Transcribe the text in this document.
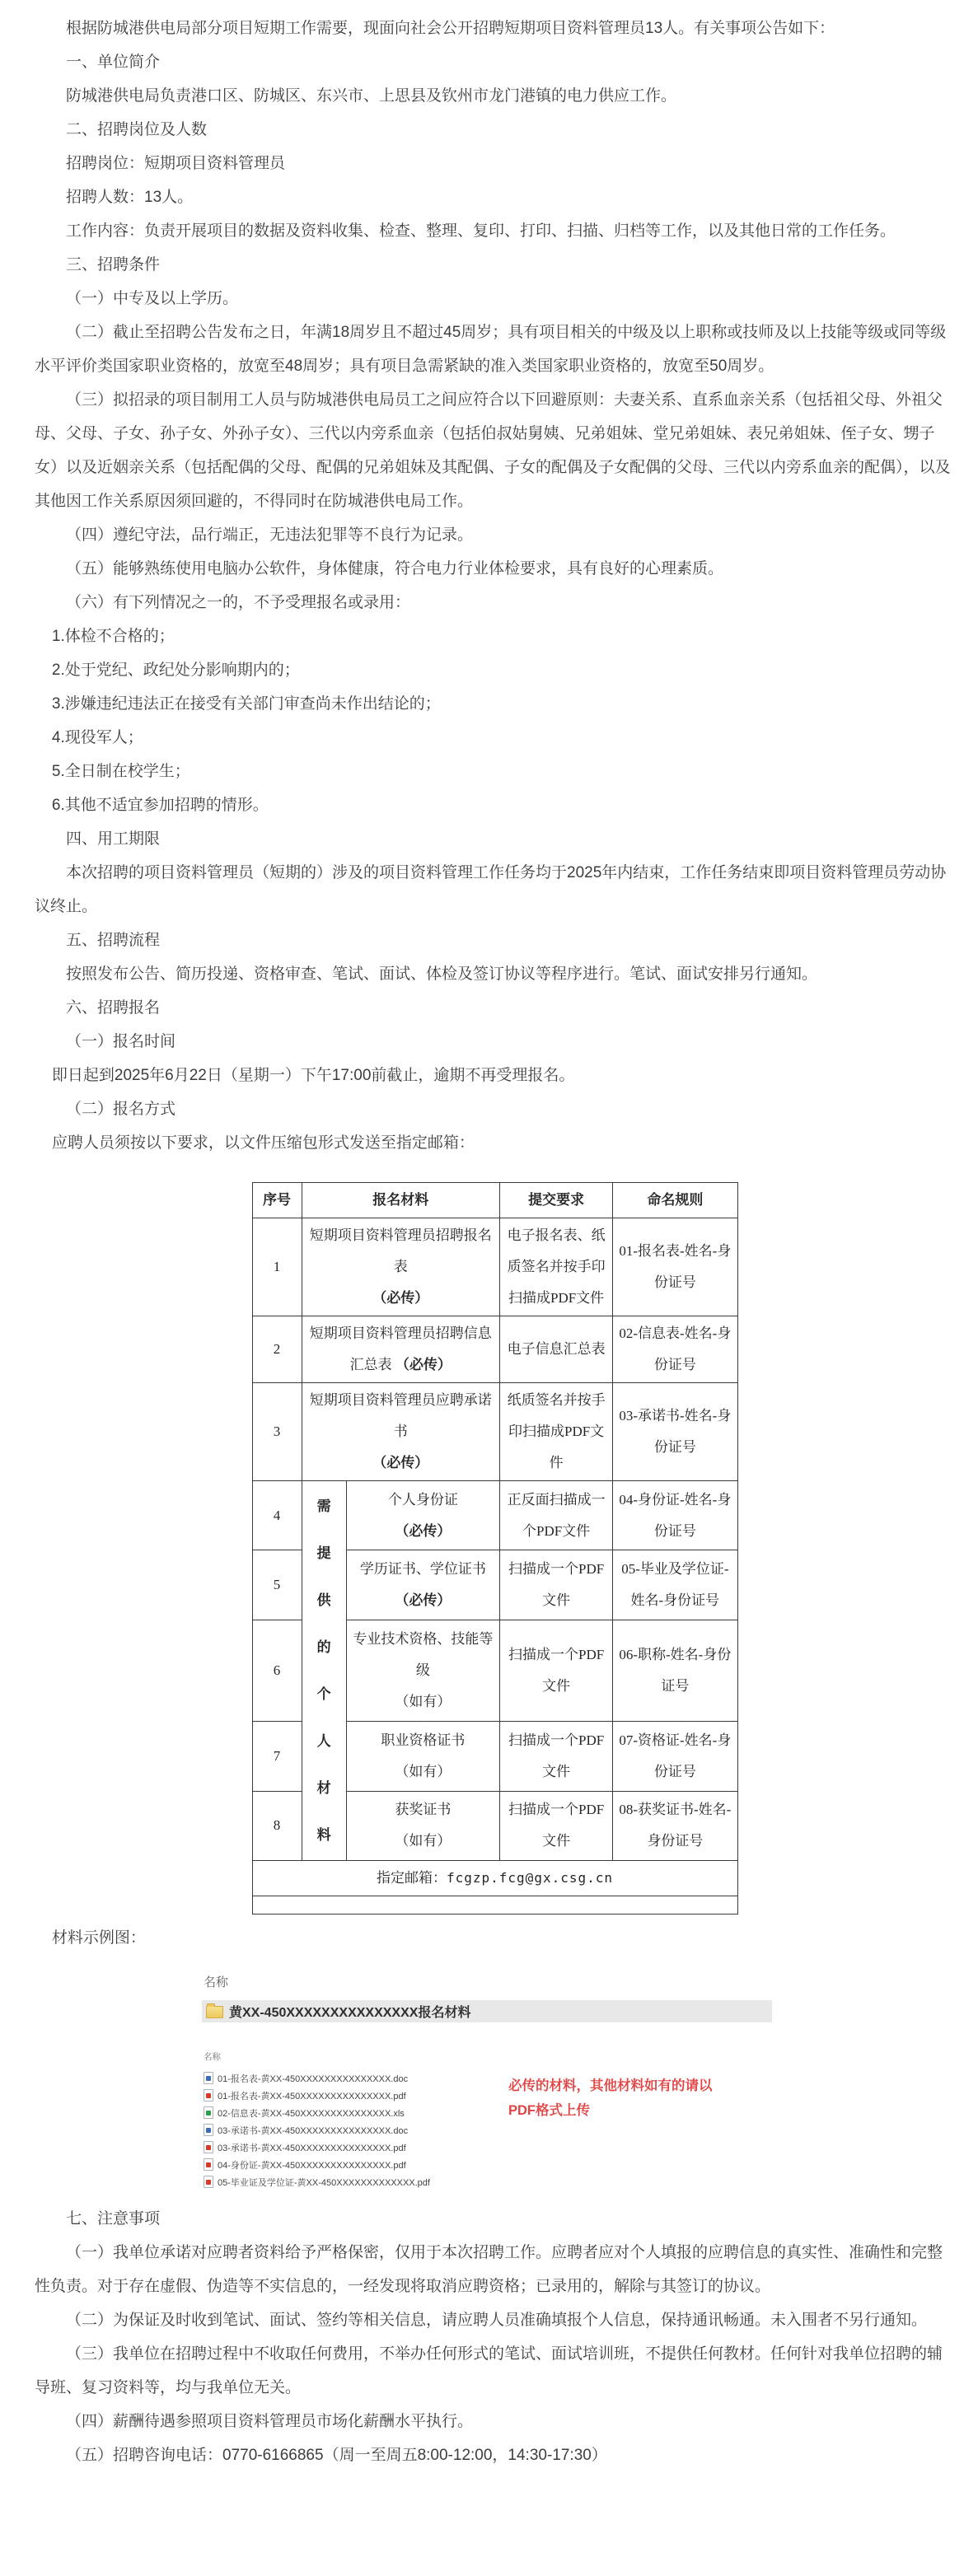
根据防城港供电局部分项目短期工作需要，现面向社会公开招聘短期项目资料管理员13人。有关事项公告如下：

一、单位简介

防城港供电局负责港口区、防城区、东兴市、上思县及钦州市龙门港镇的电力供应工作。

二、招聘岗位及人数

招聘岗位：短期项目资料管理员

招聘人数：13人。

工作内容：负责开展项目的数据及资料收集、检查、整理、复印、打印、扫描、归档等工作，以及其他日常的工作任务。

三、招聘条件

（一）中专及以上学历。

（二）截止至招聘公告发布之日，年满18周岁且不超过45周岁；具有项目相关的中级及以上职称或技师及以上技能等级或同等级水平评价类国家职业资格的，放宽至48周岁；具有项目急需紧缺的准入类国家职业资格的，放宽至50周岁。

（三）拟招录的项目制用工人员与防城港供电局员工之间应符合以下回避原则：夫妻关系、直系血亲关系（包括祖父母、外祖父母、父母、子女、孙子女、外孙子女）、三代以内旁系血亲（包括伯叔姑舅姨、兄弟姐妹、堂兄弟姐妹、表兄弟姐妹、侄子女、甥子女）以及近姻亲关系（包括配偶的父母、配偶的兄弟姐妹及其配偶、子女的配偶及子女配偶的父母、三代以内旁系血亲的配偶），以及其他因工作关系原因须回避的，不得同时在防城港供电局工作。

（四）遵纪守法，品行端正，无违法犯罪等不良行为记录。

（五）能够熟练使用电脑办公软件，身体健康，符合电力行业体检要求，具有良好的心理素质。

（六）有下列情况之一的，不予受理报名或录用：

1.体检不合格的；

2.处于党纪、政纪处分影响期内的；

3.涉嫌违纪违法正在接受有关部门审查尚未作出结论的；

4.现役军人；

5.全日制在校学生；

6.其他不适宜参加招聘的情形。

四、用工期限

本次招聘的项目资料管理员（短期的）涉及的项目资料管理工作任务均于2025年内结束，工作任务结束即项目资料管理员劳动协议终止。

五、招聘流程

按照发布公告、简历投递、资格审查、笔试、面试、体检及签订协议等程序进行。笔试、面试安排另行通知。

六、招聘报名

（一）报名时间

即日起到2025年6月22日（星期一）下午17:00前截止，逾期不再受理报名。

（二）报名方式

应聘人员须按以下要求，以文件压缩包形式发送至指定邮箱：

序号	报名材料		提交要求	命名规则
1	短期项目资料管理员招聘报名表
（必传）		电子报名表、纸质签名并按手印扫描成PDF文件	01-报名表-姓名-身份证号
2	短期项目资料管理员招聘信息汇总表 （必传）		电子信息汇总表	02-信息表-姓名-身份证号
3	短期项目资料管理员应聘承诺书
（必传）		纸质签名并按手印扫描成PDF文件	03-承诺书-姓名-身份证号
4	需提供的个人材料	个人身份证
（必传）	正反面扫描成一个PDF文件	04-身份证-姓名-身份证号
5		学历证书、学位证书
（必传）	扫描成一个PDF文件	05-毕业及学位证-姓名-身份证号
6		专业技术资格、技能等级
（如有）	扫描成一个PDF文件	06-职称-姓名-身份证号
7		职业资格证书
（如有）	扫描成一个PDF文件	07-资格证-姓名-身份证号
8		获奖证书
（如有）	扫描成一个PDF文件	08-获奖证书-姓名-身份证号
指定邮箱：fcgzp.fcg@gx.csg.cn				

材料示例图：

名称
黄XX-450XXXXXXXXXXXXXXX报名材料
名称
01-报名表-黄XX-450XXXXXXXXXXXXXXX.doc
01-报名表-黄XX-450XXXXXXXXXXXXXXX.pdf
02-信息表-黄XX-450XXXXXXXXXXXXXXX.xls
03-承诺书-黄XX-450XXXXXXXXXXXXXXX.doc
03-承诺书-黄XX-450XXXXXXXXXXXXXXX.pdf
04-身份证-黄XX-450XXXXXXXXXXXXXXX.pdf
05-毕业证及学位证-黄XX-450XXXXXXXXXXXXX.pdf
必传的材料，其他材料如有的请以
PDF格式上传

七、注意事项

（一）我单位承诺对应聘者资料给予严格保密，仅用于本次招聘工作。应聘者应对个人填报的应聘信息的真实性、准确性和完整性负责。对于存在虚假、伪造等不实信息的，一经发现将取消应聘资格；已录用的，解除与其签订的协议。

（二）为保证及时收到笔试、面试、签约等相关信息，请应聘人员准确填报个人信息，保持通讯畅通。未入围者不另行通知。

（三）我单位在招聘过程中不收取任何费用，不举办任何形式的笔试、面试培训班，不提供任何教材。任何针对我单位招聘的辅导班、复习资料等，均与我单位无关。

（四）薪酬待遇参照项目资料管理员市场化薪酬水平执行。

（五）招聘咨询电话：0770-6166865（周一至周五8:00-12:00，14:30-17:30）
